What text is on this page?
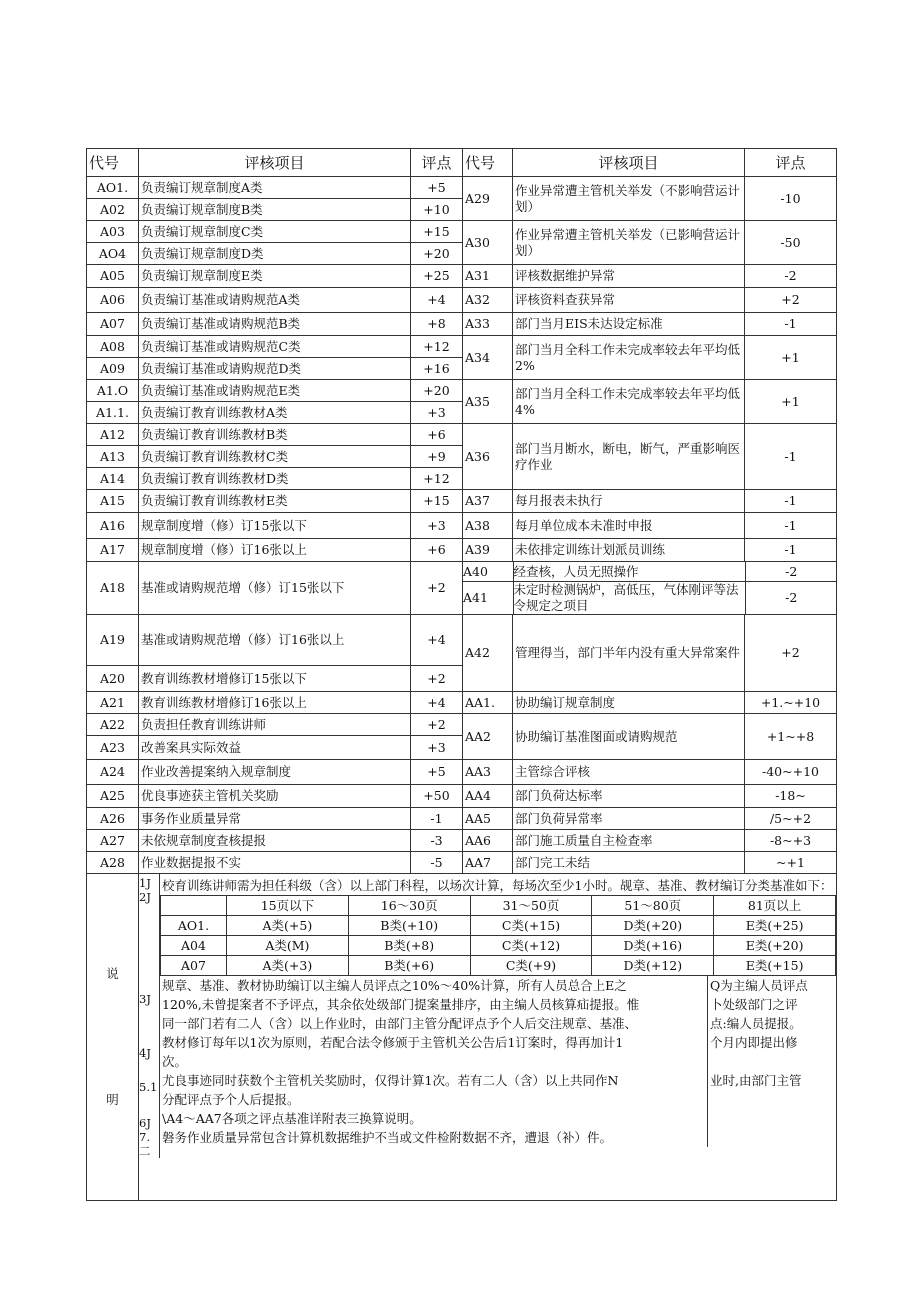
代号	评核项目	评点	代号	评核项目	评点
AO1.	负责编订规章制度A类	+5	A29	作业异常遭主管机关举发（不影响营运计划）	-10
A02	负责编订规章制度B类	+10
A03	负责编订规章制度C类	+15	A30	作业异常遭主管机关举发（已影响营运计划）	-50
AO4	负责编订规章制度D类	+20
A05	负责编订规章制度E类	+25	A31	评核数据维护异常	-2
A06	负责编订基准或请购规范A类	+4	A32	评核资料查获异常	+2
A07	负责编订基准或请购规范B类	+8	A33	部门当月EIS未达设定标准	-1
A08	负责编订基准或请购规范C类	+12	A34	部门当月全科工作未完成率较去年平均低2%	+1
A09	负责编订基准或请购规范D类	+16
A1.O	负责编订基准或请购规范E类	+20	A35	部门当月全科工作未完成率较去年平均低4%	+1
A1.1.	负责编订教育训练教材A类	+3
A12	负责编订教育训练教材B类	+6	A36	部门当月断水，断电，断气，严重影响医疗作业	-1
A13	负责编订教育训练教材C类	+9
A14	负责编订教育训练教材D类	+12
A15	负责编订教育训练教材E类	+15	A37	每月报表未执行	-1
A16	规章制度增（修）订15张以下	+3	A38	每月单位成本未准时申报	-1
A17	规章制度增（修）订16张以上	+6	A39	未依排定训练计划派员训练	-1
A18	基准或请购规范增（修）订15张以下	+2	
A40	经查核，人员无照操作	-2
A41	未定时检测锅炉，高低压，气体刚评等法令规定之项目	-2

A19	基准或请购规范增（修）订16张以上	+4	A42	管理得当，部门半年内没有重大异常案件	+2
A20	教育训练教材增修订15张以下	+2
A21	教育训练教材增修订16张以上	+4	AA1.	协助编订规章制度	+1.~+10
A22	负责担任教育训练讲师	+2	AA2	协助编订基准图面或请购规范	+1~+8
A23	改善案具实际效益	+3
A24	作业改善提案纳入规章制度	+5	AA3	主管综合评核	-40~+10
A25	优良事迹获主管机关奖励	+50	AA4	部门负荷达标率	-18~
A26	事务作业质量异常	-1	AA5	部门负荷异常率	/5~+2
A27	未依规章制度查核提报	-3	AA6	部门施工质量自主检查率	-8~+3
A28	作业数据提报不实	-5	AA7	部门完工未结	~+1
说
明

1J
2J
3J
4J
5.1
6J
7.
二

校育训练讲师需为担任科级（含）以上部门科程，以场次计算，每场次至少1小时。觇章、基准、教材编订分类基准如下：

	15页以下	16～30页	31～50页	51～80页	81页以上
AO1.	A类(+5)	B类(+10)	C类(+15)	D类(+20)	E类(+25)
A04	A类(M)	B类(+8)	C类(+12)	D类(+16)	E类(+20)
A07	A类(+3)	B类(+6)	C类(+9)	D类(+12)	E类(+15)
规章、基准、教材协助编订以主编人员评点之10%～40%计算，所有人员总合上E之
120%,未曾提案者不予评点，其余依处级部门提案量排序，由主编人员核算疝提报。惟
同一部门若有二人（含）以上作业时，由部门主管分配评点予个人后交注规章、基准、
教材修订每年以1次为原则，若配合法令修颁于主管机关公告后1订案时，得再加计1
次。
尤良事迹同时获数个主管机关奖励时，仅得计算1次。若有二人（含）以上共同作N
分配评点予个人后提报。
\A4～AA7各项之评点基准详附表三换算说明。
磐务作业质量异常包含计算机数据维护不当或文件检附数据不齐，遭退（补）件。
Q为主编人员评点
卜处级部门之评
点:编人员提报。
个月内即提出修
业时,由部门主管
